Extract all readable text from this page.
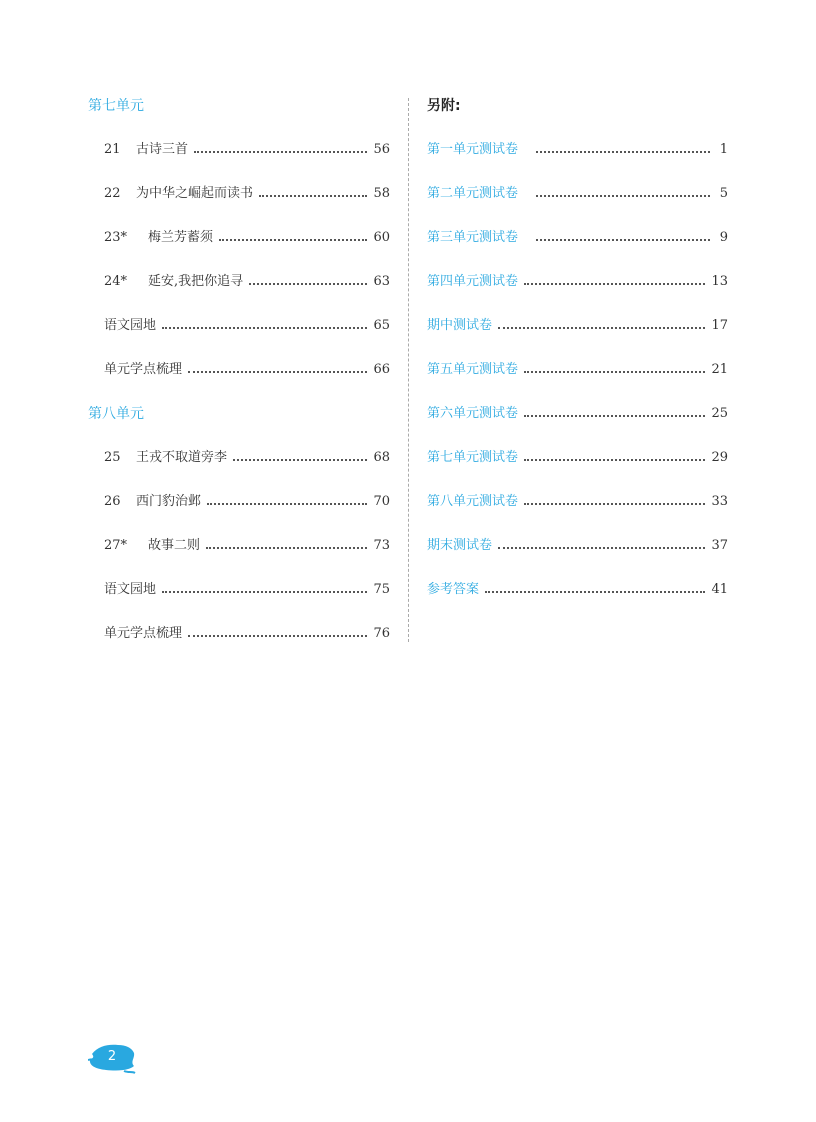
第七单元
21	古诗三首	56
22	为中华之崛起而读书	58
23*	梅兰芳蓄须	60
24*	延安,我把你追寻	63
语文园地	65
单元学点梳理	66
第八单元
25	王戎不取道旁李	68
26	西门豹治邺	70
27*	故事二则	73
语文园地	75
单元学点梳理	76
另附:
第一单元测试卷	1
第二单元测试卷	5
第三单元测试卷	9
第四单元测试卷	13
期中测试卷	17
第五单元测试卷	21
第六单元测试卷	25
第七单元测试卷	29
第八单元测试卷	33
期末测试卷	37
参考答案	41
2
